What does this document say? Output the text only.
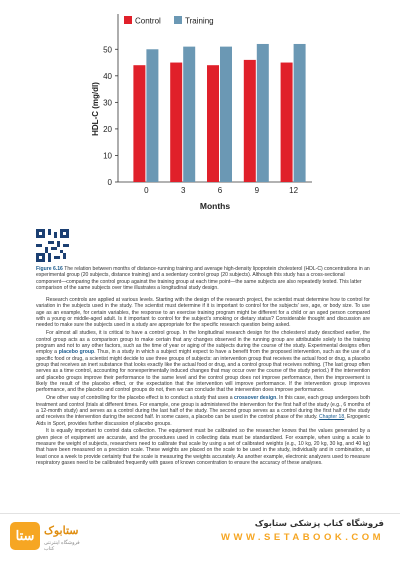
0
10
20
30
40
50
0	3	6	9	12
Months
HDL-C (mg/dl)
Control	Training
Figure 6.16 The relation between months of distance-running training and average high-density lipoprotein cholesterol (HDL-C) concentrations in an experimental group (20 subjects, distance training) and a sedentary control group (20 subjects). Although this study has a cross-sectional component—comparing the control group against the training group at each time point—the same subjects are also repeatedly tested. This latter comparison of the same subjects over time illustrates a longitudinal study design.

Research controls are applied at various levels. Starting with the design of the research project, the scientist must determine how to control for variation in the subjects used in the study. The scientist must determine if it is important to control for the subjects' sex, age, or body size. To use age as an example, for certain variables, the response to an exercise training program might be different for a child or an aged person compared with a young or middle-aged adult. Is it important to control for the subject's smoking or dietary status? Considerable thought and discussion are needed to make sure the subjects used in a study are appropriate for the specific research question being asked.

For almost all studies, it is critical to have a control group. In the longitudinal research design for the cholesterol study described earlier, the control group acts as a comparison group to make certain that any changes observed in the running group are attributable solely to the training program and not to any other factors, such as the time of year or aging of the subjects during the course of the study. Experimental designs often employ a placebo group. Thus, in a study in which a subject might expect to have a benefit from the proposed intervention, such as the use of a specific food or drug, a scientist might decide to use three groups of subjects: an intervention group that receives the actual food or drug, a placebo group that receives an inert substance that looks exactly like the actual food or drug, and a control group that receives nothing. (The last group often serves as a time control, accounting for nonexperimentally induced changes that may occur over the course of the study period.) If the intervention and placebo groups improve their performance to the same level and the control group does not improve performance, then the improvement is likely the result of the placebo effect, or the expectation that the intervention will improve performance. If the intervention group improves performance, and the placebo and control groups do not, then we can conclude that the intervention does improve performance.

One other way of controlling for the placebo effect is to conduct a study that uses a crossover design. In this case, each group undergoes both treatment and control (trials at different times. For example, one group is administered the intervention for the first half of the study (e.g., 6 months of a 12-month study) and serves as a control during the last half of the study. The second group serves as a control during the first half of the study and receives the intervention during the second half. In some cases, a placebo can be used in the control phase of the study. Chapter 18, Ergogenic Aids in Sport, provides further discussion of placebo groups.

It is equally important to control data collection. The equipment must be calibrated so the researcher knows that the values generated by a given piece of equipment are accurate, and the procedures used in collecting data must be standardized. For example, when using a scale to measure the weight of subjects, researchers need to calibrate that scale by using a set of calibrated weights (e.g., 10 kg, 20 kg, 30 kg, and 40 kg) that have been measured on a precision scale. These weights are placed on the scale to be used in the study, individually and in combination, at least once a week to provide certainty that the scale is measuring the weights accurately. As another example, electronic analyzers used to measure respiratory gases need to be calibrated frequently with gases of known concentration to ensure the accuracy of these analyses.

ستا ستابوک
فروشگاه اینترنتی کتاب
فروشگاه کتاب پزشکی ستابوک
WWW.SETABOOK.COM
